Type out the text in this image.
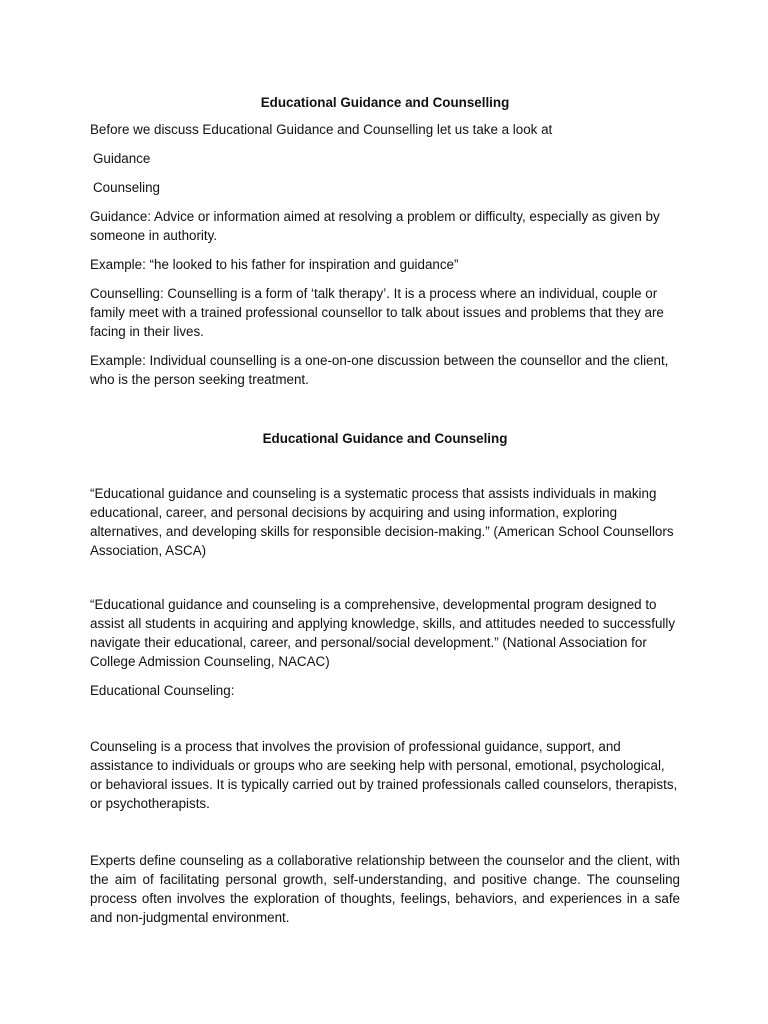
Educational Guidance and Counselling

Before we discuss Educational Guidance and Counselling let us take a look at

Guidance

Counseling

Guidance: Advice or information aimed at resolving a problem or difficulty, especially as given by someone in authority.

Example: “he looked to his father for inspiration and guidance”

Counselling: Counselling is a form of ‘talk therapy’. It is a process where an individual, couple or family meet with a trained professional counsellor to talk about issues and problems that they are facing in their lives.

Example: Individual counselling is a one-on-one discussion between the counsellor and the client, who is the person seeking treatment.

Educational Guidance and Counseling

“Educational guidance and counseling is a systematic process that assists individuals in making educational, career, and personal decisions by acquiring and using information, exploring alternatives, and developing skills for responsible decision-making.” (American School Counsellors Association, ASCA)

“Educational guidance and counseling is a comprehensive, developmental program designed to assist all students in acquiring and applying knowledge, skills, and attitudes needed to successfully navigate their educational, career, and personal/social development.” (National Association for College Admission Counseling, NACAC)

Educational Counseling:

Counseling is a process that involves the provision of professional guidance, support, and assistance to individuals or groups who are seeking help with personal, emotional, psychological, or behavioral issues. It is typically carried out by trained professionals called counselors, therapists, or psychotherapists.

Experts define counseling as a collaborative relationship between the counselor and the client, with the aim of facilitating personal growth, self-understanding, and positive change. The counseling process often involves the exploration of thoughts, feelings, behaviors, and experiences in a safe and non-judgmental environment.
